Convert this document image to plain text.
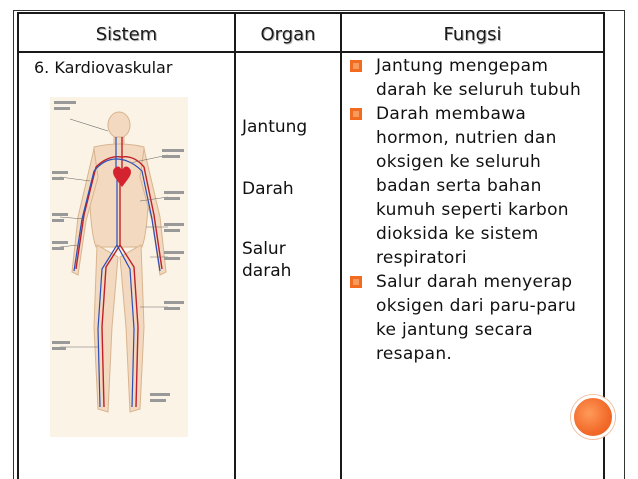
Sistem	Organ	Fungsi
6. Kardiovaskular
Jantung
Darah
Salur darah
Jantung mengepam darah ke seluruh tubuh
Darah membawa hormon, nutrien dan oksigen ke seluruh badan serta bahan kumuh seperti karbon dioksida ke sistem respiratori
Salur darah menyerap oksigen dari paru-paru ke jantung secara resapan.
